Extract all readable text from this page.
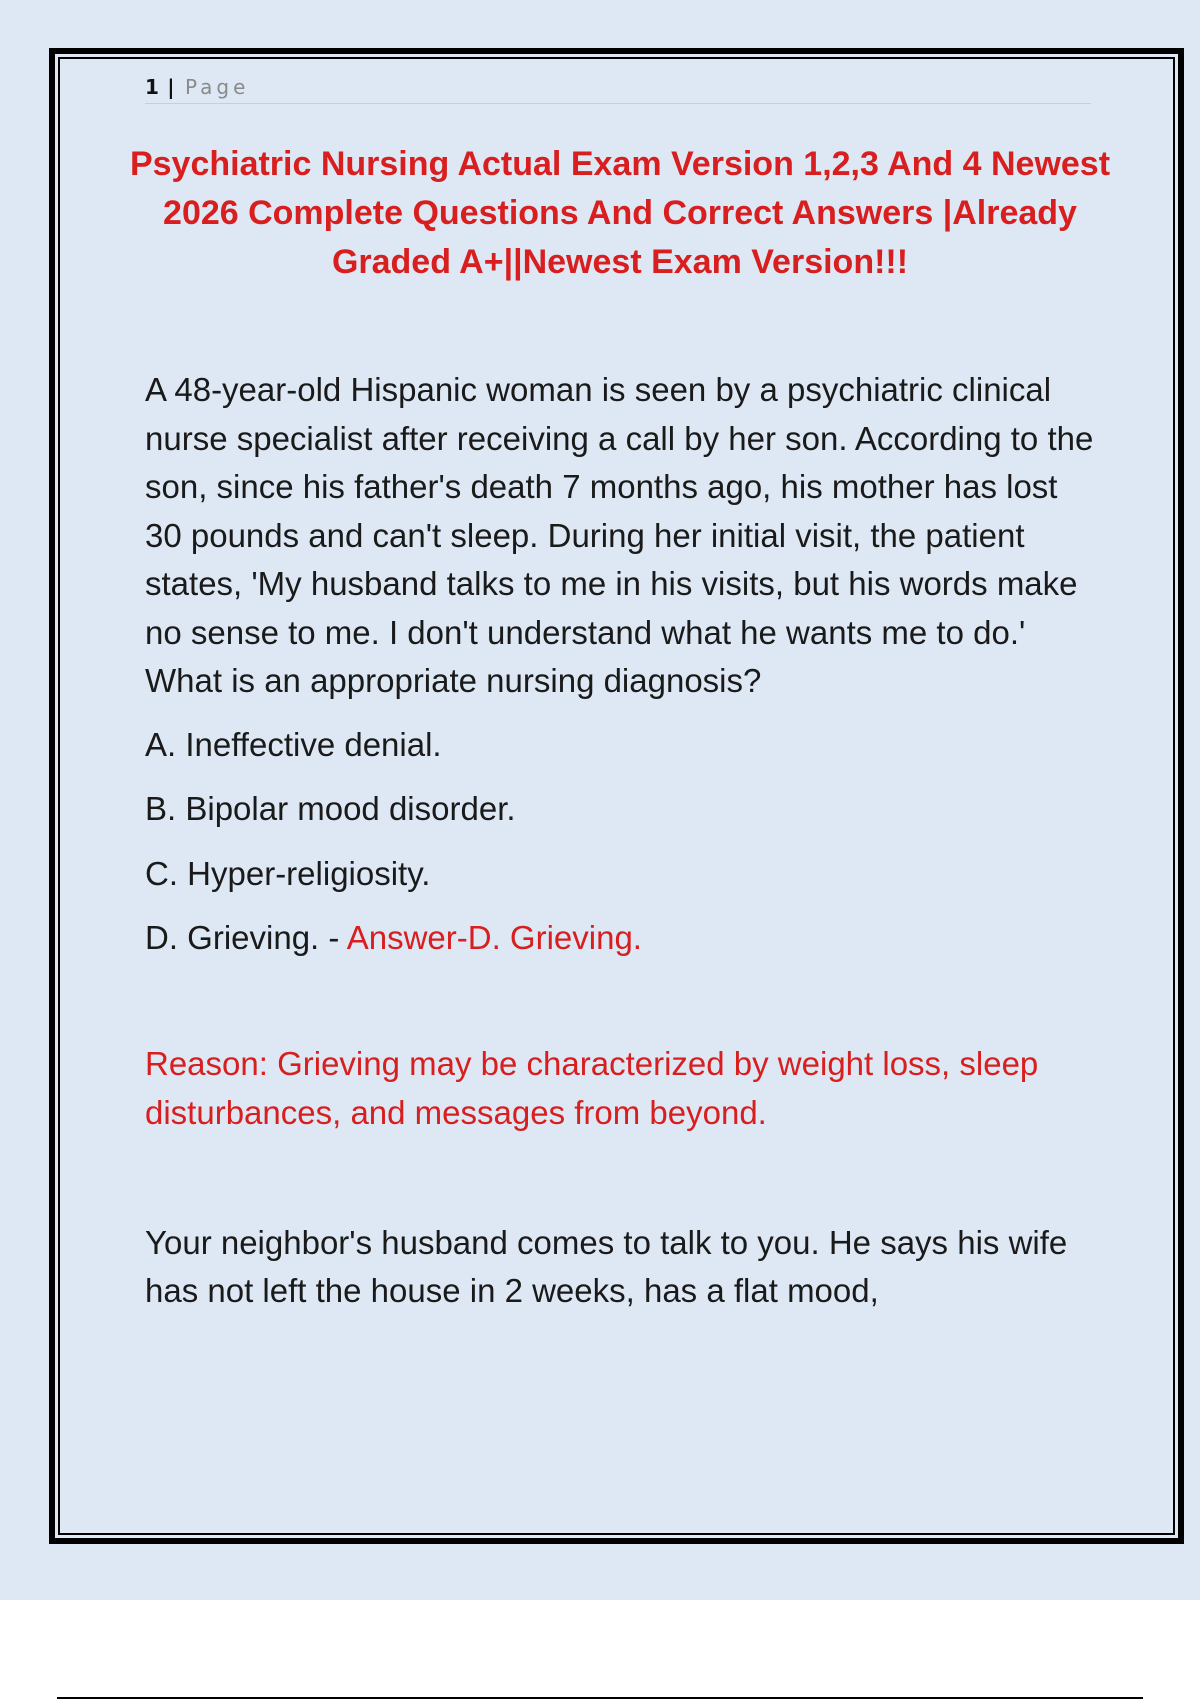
1 | Page
Psychiatric Nursing Actual Exam Version 1,2,3 And 4 Newest 2026 Complete Questions And Correct Answers |Already Graded A+||Newest Exam Version!!!

A 48-year-old Hispanic woman is seen by a psychiatric clinical nurse specialist after receiving a call by her son. According to the son, since his father's death 7 months ago, his mother has lost 30 pounds and can't sleep. During her initial visit, the patient states, 'My husband talks to me in his visits, but his words make no sense to me. I don't understand what he wants me to do.' What is an appropriate nursing diagnosis?

A. Ineffective denial.
B. Bipolar mood disorder.
C. Hyper-religiosity.
D. Grieving. - Answer-D. Grieving.

Reason: Grieving may be characterized by weight loss, sleep disturbances, and messages from beyond.

Your neighbor's husband comes to talk to you. He says his wife has not left the house in 2 weeks, has a flat mood,
